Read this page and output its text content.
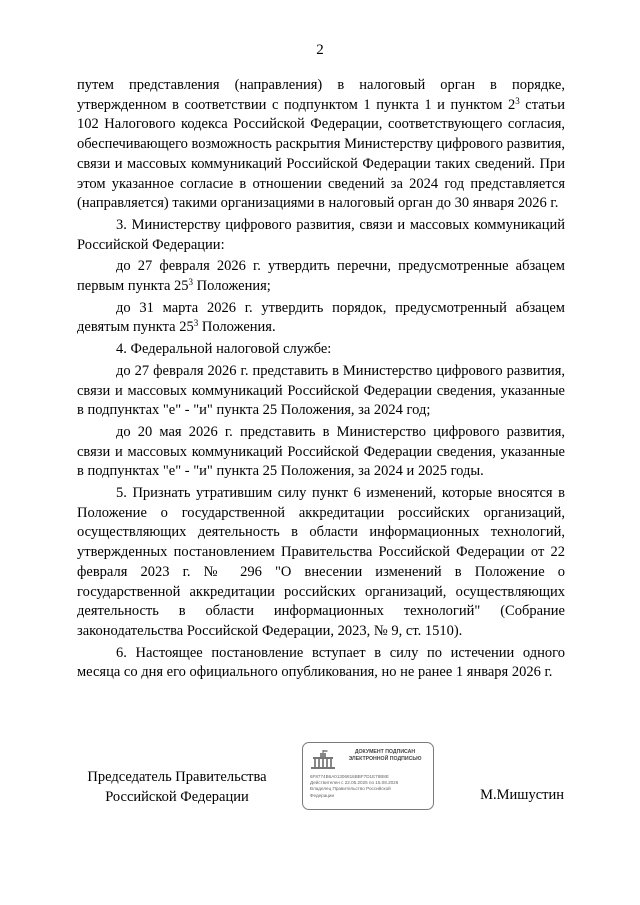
2

путем представления (направления) в налоговый орган в порядке, утвержденном в соответствии с подпунктом 1 пункта 1 и пунктом $2^3$ статьи 102 Налогового кодекса Российской Федерации, соответствующего согласия, обеспечивающего возможность раскрытия Министерству цифрового развития, связи и массовых коммуникаций Российской Федерации таких сведений. При этом указанное согласие в отношении сведений за 2024 год представляется (направляется) такими организациями в налоговый орган до 30 января 2026 г.

3. Министерству цифрового развития, связи и массовых коммуникаций Российской Федерации:

до 27 февраля 2026 г. утвердить перечни, предусмотренные абзацем первым пункта $25^3$ Положения;

до 31 марта 2026 г. утвердить порядок, предусмотренный абзацем девятым пункта $25^3$ Положения.

4. Федеральной налоговой службе:

до 27 февраля 2026 г. представить в Министерство цифрового развития, связи и массовых коммуникаций Российской Федерации сведения, указанные в подпунктах "е" - "и" пункта 25 Положения, за 2024 год;

до 20 мая 2026 г. представить в Министерство цифрового развития, связи и массовых коммуникаций Российской Федерации сведения, указанные в подпунктах "е" - "и" пункта 25 Положения, за 2024 и 2025 годы.

5. Признать утратившим силу пункт 6 изменений, которые вносятся в Положение о государственной аккредитации российских организаций, осуществляющих деятельность в области информационных технологий, утвержденных постановлением Правительства Российской Федерации от 22 февраля 2023 г. № 296 "О внесении изменений в Положение о государственной аккредитации российских организаций, осуществляющих деятельность в области информационных технологий" (Собрание законодательства Российской Федерации, 2023, № 9, ст. 1510).

6. Настоящее постановление вступает в силу по истечении одного месяца со дня его официального опубликования, но не ранее 1 января 2026 г.

Председатель Правительства
Российской Федерации
ДОКУМЕНТ ПОДПИСАН
ЭЛЕКТРОННОЙ ПОДПИСЬЮ
6F8774B6A01306816BBF7D1E78B8E
Действителен с 22.05.2025 по 15.08.2026
Владелец Правительство Российской
Федерации	М.Мишустин
